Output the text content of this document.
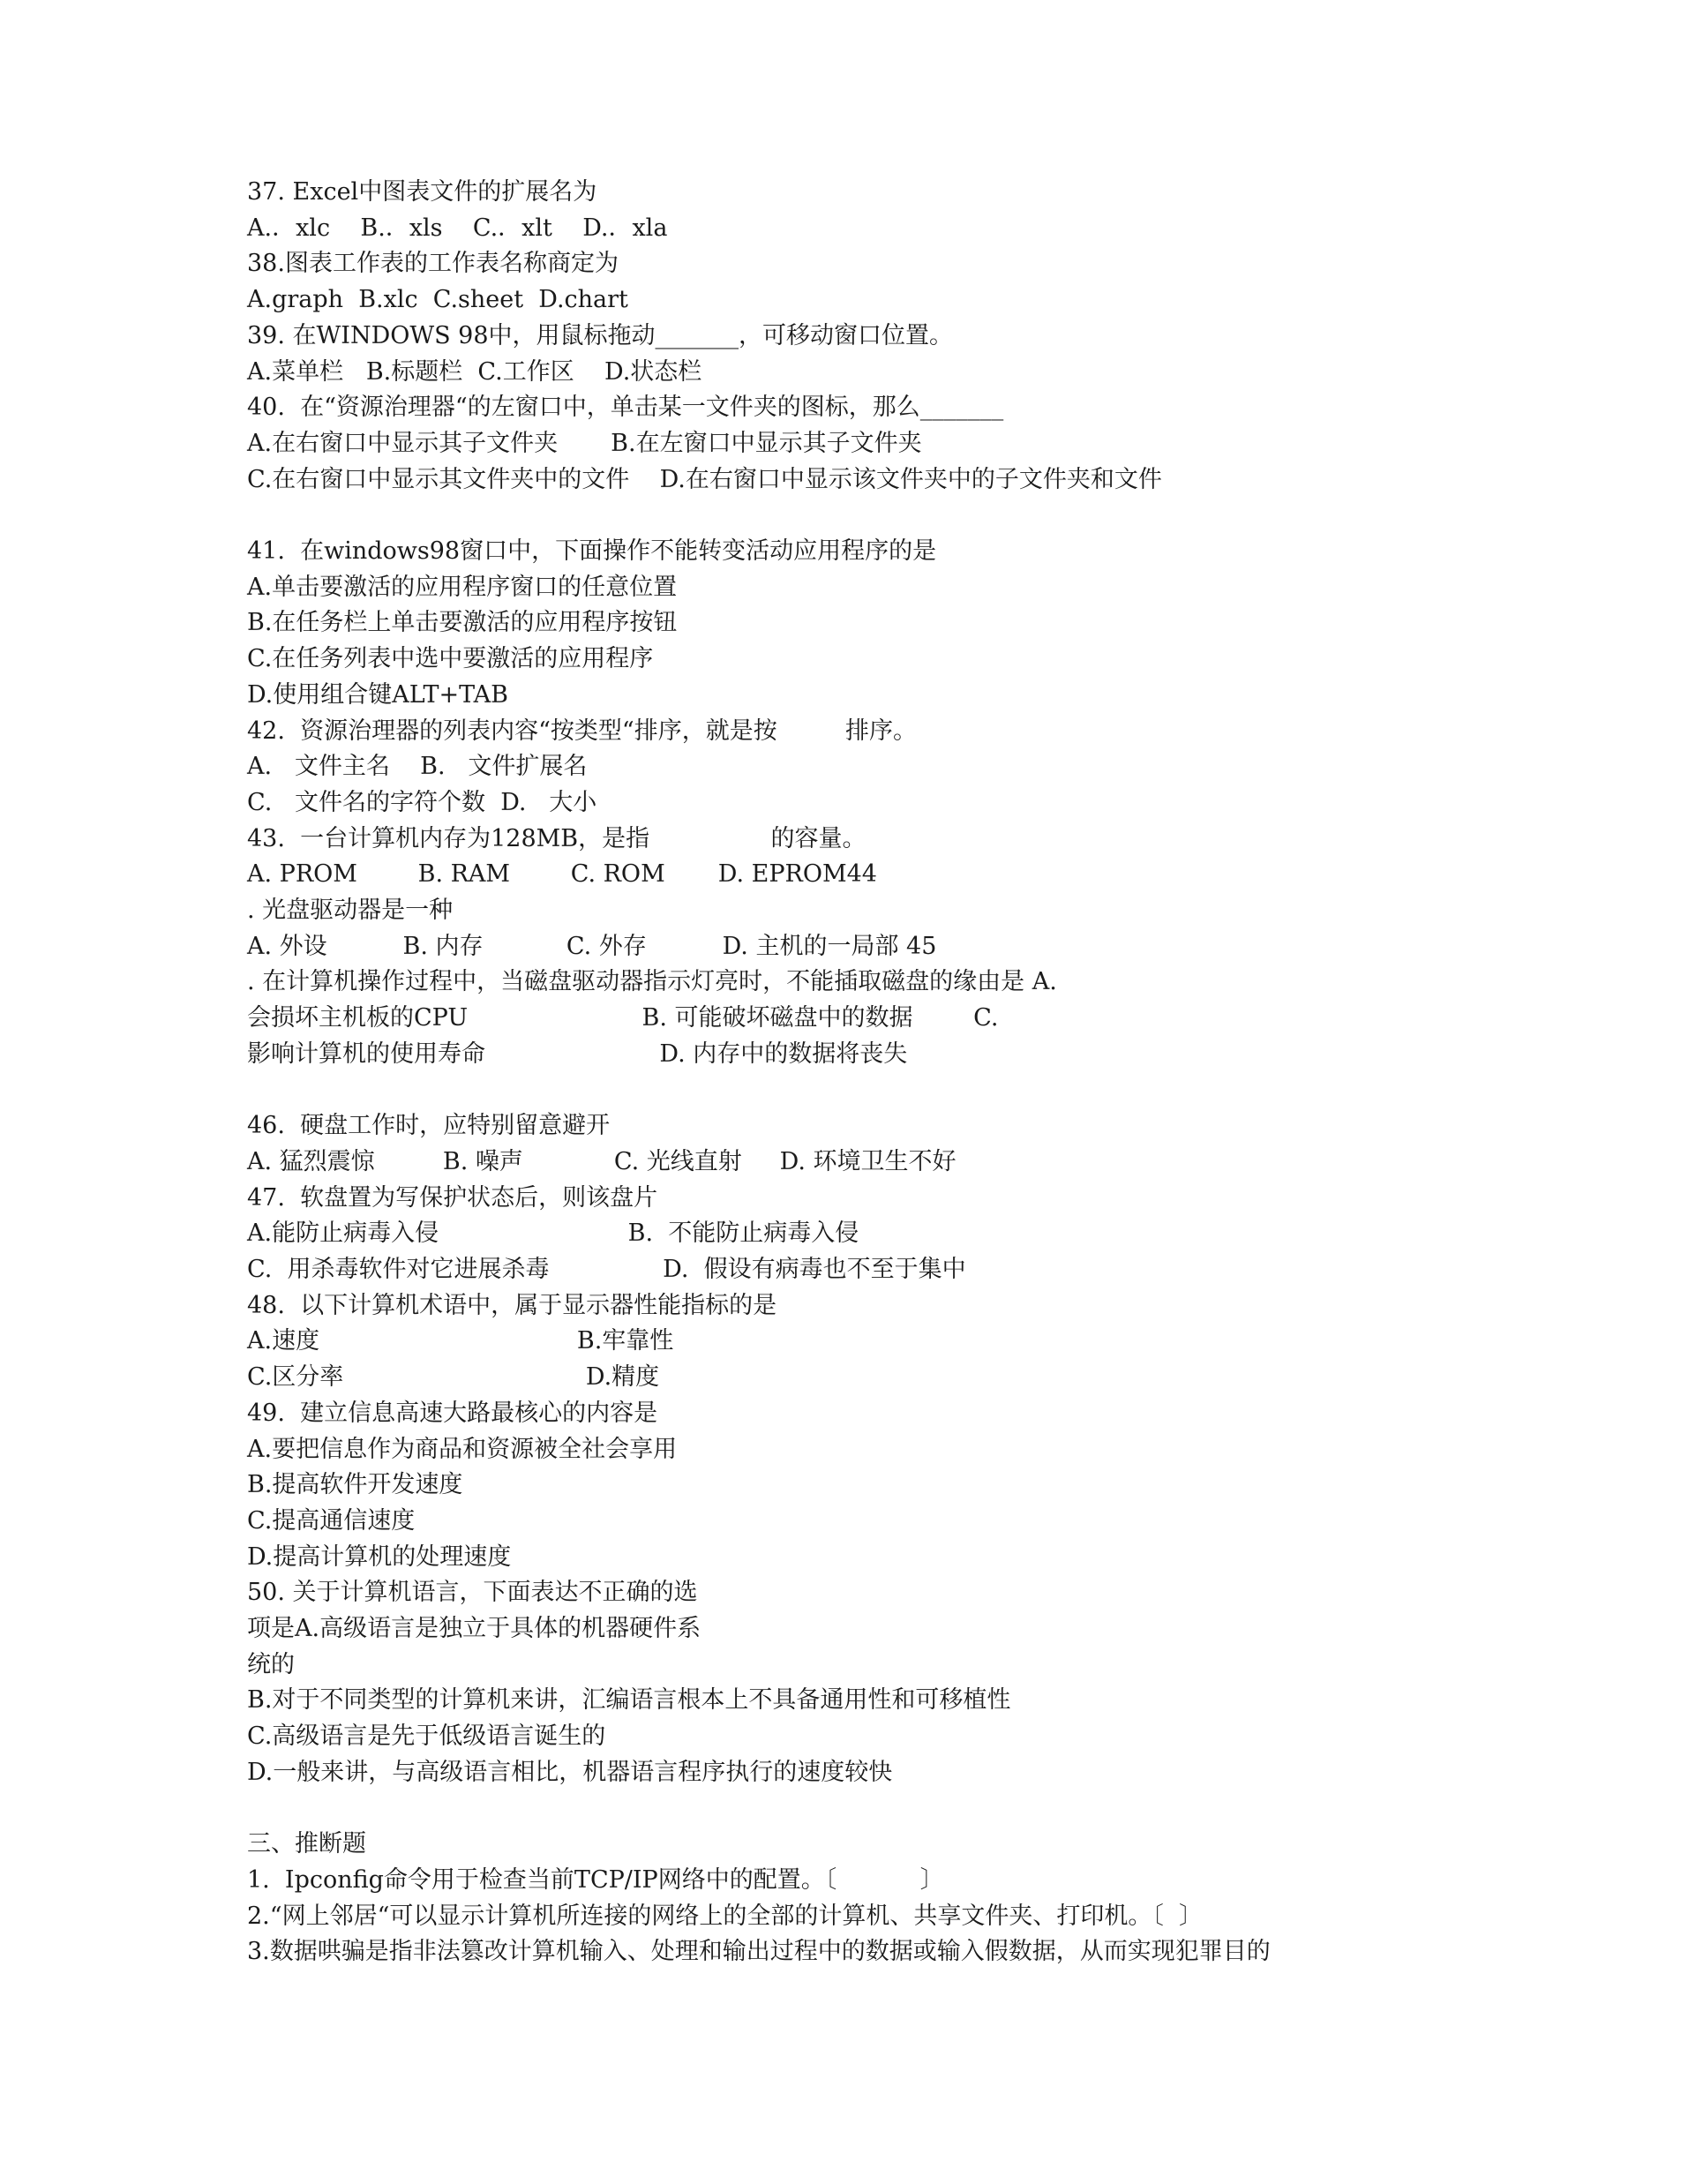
37. Excel中图表文件的扩展名为
A.．xlc    B.．xls    C.．xlt    D.．xla
38.图表工作表的工作表名称商定为
A.graph  B.xlc  C.sheet  D.chart
39. 在WINDOWS 98中，用鼠标拖动_______，可移动窗口位置。
A.菜单栏   B.标题栏  C.工作区    D.状态栏
40.  在“资源治理器“的左窗口中，单击某一文件夹的图标，那么_______
A.在右窗口中显示其子文件夹       B.在左窗口中显示其子文件夹
C.在右窗口中显示其文件夹中的文件    D.在右窗口中显示该文件夹中的子文件夹和文件
41.  在windows98窗口中，下面操作不能转变活动应用程序的是
A.单击要激活的应用程序窗口的任意位置
B.在任务栏上单击要激活的应用程序按钮
C.在任务列表中选中要激活的应用程序
D.使用组合键ALT+TAB
42.  资源治理器的列表内容“按类型“排序，就是按         排序。
A.   文件主名    B.   文件扩展名
C.   文件名的字符个数  D.   大小
43.  一台计算机内存为128MB，是指                的容量。
A. PROM        B. RAM        C. ROM       D. EPROM44
. 光盘驱动器是一种
A. 外设          B. 内存           C. 外存          D. 主机的一局部 45
. 在计算机操作过程中，当磁盘驱动器指示灯亮时，不能插取磁盘的缘由是 A.
会损坏主机板的CPU                       B. 可能破坏磁盘中的数据        C.
影响计算机的使用寿命                       D. 内存中的数据将丧失
46.  硬盘工作时，应特别留意避开
A. 猛烈震惊         B. 噪声            C. 光线直射     D. 环境卫生不好
47.  软盘置为写保护状态后，则该盘片
A.能防止病毒入侵                         B.  不能防止病毒入侵
C.  用杀毒软件对它进展杀毒               D.  假设有病毒也不至于集中
48.  以下计算机术语中，属于显示器性能指标的是
A.速度                                  B.牢靠性
C.区分率                                D.精度
49.  建立信息高速大路最核心的内容是
A.要把信息作为商品和资源被全社会享用
B.提高软件开发速度
C.提高通信速度
D.提高计算机的处理速度
50. 关于计算机语言，下面表达不正确的选
项是A.高级语言是独立于具体的机器硬件系
统的
B.对于不同类型的计算机来讲，汇编语言根本上不具备通用性和可移植性
C.高级语言是先于低级语言诞生的
D.一般来讲，与高级语言相比，机器语言程序执行的速度较快
三、推断题
1.  Ipconfig命令用于检查当前TCP/IP网络中的配置。〔           〕
2.“网上邻居“可以显示计算机所连接的网络上的全部的计算机、共享文件夹、打印机。〔  〕
3.数据哄骗是指非法篡改计算机输入、处理和输出过程中的数据或输入假数据，从而实现犯罪目的
